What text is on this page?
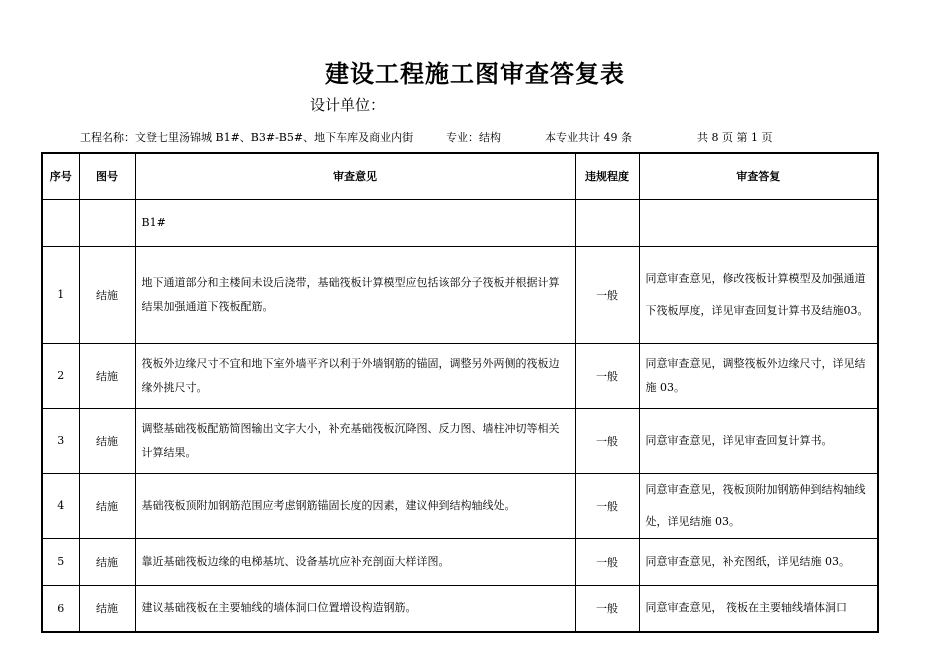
建设工程施工图审查答复表
设计单位：
工程名称：文登七里汤锦城 B1#、B3#-B5#、地下车库及商业内街	专业：结构	本专业共计 49 条	共 8 页 第 1 页
序号	图号	审查意见	违规程度	审查答复
		B1#		
1	结施	地下通道部分和主楼间未设后浇带，基础筏板计算模型应包括该部分子筏板并根据计算结果加强通道下筏板配筋。	一般	同意审查意见，修改筏板计算模型及加强通道下筏板厚度，详见审查回复计算书及结施03。
2	结施	筏板外边缘尺寸不宜和地下室外墙平齐以利于外墙钢筋的锚固，调整另外两侧的筏板边缘外挑尺寸。	一般	同意审查意见，调整筏板外边缘尺寸，详见结施 03。
3	结施	调整基础筏板配筋简图输出文字大小，补充基础筏板沉降图、反力图、墙柱冲切等相关计算结果。	一般	同意审查意见，详见审查回复计算书。
4	结施	基础筏板顶附加钢筋范围应考虑钢筋锚固长度的因素，建议伸到结构轴线处。	一般	同意审查意见，筏板顶附加钢筋伸到结构轴线处，详见结施 03。
5	结施	靠近基础筏板边缘的电梯基坑、设备基坑应补充剖面大样详图。	一般	同意审查意见，补充图纸，详见结施 03。
6	结施	建议基础筏板在主要轴线的墙体洞口位置增设构造钢筋。	一般	同意审查意见， 筏板在主要轴线墙体洞口
